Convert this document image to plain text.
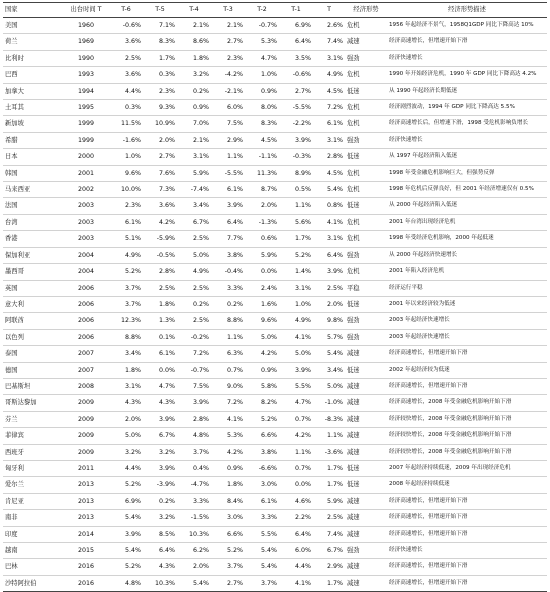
国家	出台时间 T	T-6	T-5	T-4	T-3	T-2	T-1	T	经济形势	经济形势描述
美国	1960	-0.6%	7.1%	2.1%	2.1%	-0.7%	6.9%	2.6%	危机	1956 年起经济不景气，1958Q1GDP 同比下降高达 10%
荷兰	1969	3.6%	8.3%	8.6%	2.7%	5.3%	6.4%	7.4%	减速	经济高速增长，但增速开始下滑
比利时	1990	2.5%	1.7%	1.8%	2.3%	4.7%	3.5%	3.1%	强劲	经济快速增长
巴西	1993	3.6%	0.3%	3.2%	-4.2%	1.0%	-0.6%	4.9%	危机	1990 年开始经济危机，1990 年 GDP 同比下降高达 4.2%
加拿大	1994	4.4%	2.3%	0.2%	-2.1%	0.9%	2.7%	4.5%	低迷	从 1990 年起经济长期低迷
土耳其	1995	0.3%	9.3%	0.9%	6.0%	8.0%	-5.5%	7.2%	危机	经济剧烈波动，1994 年 GDP 同比下降高达 5.5%
新加坡	1999	11.5%	10.9%	7.0%	7.5%	8.3%	-2.2%	6.1%	危机	经济高速增长后，但增速下滑，1998 受危机影响负增长
希腊	1999	-1.6%	2.0%	2.1%	2.9%	4.5%	3.9%	3.1%	强劲	经济快速增长
日本	2000	1.0%	2.7%	3.1%	1.1%	-1.1%	-0.3%	2.8%	低迷	从 1997 年起经济陷入低迷
韩国	2001	9.6%	7.6%	5.9%	-5.5%	11.3%	8.9%	4.5%	危机	1998 年受金融危机影响巨大，但强势反弹
马来西亚	2002	10.0%	7.3%	-7.4%	6.1%	8.7%	0.5%	5.4%	危机	1998 年危机后反弹良好，但 2001 年经济增速仅有 0.5%
法国	2003	2.3%	3.6%	3.4%	3.9%	2.0%	1.1%	0.8%	低迷	从 2000 年起经济陷入低迷
台湾	2003	6.1%	4.2%	6.7%	6.4%	-1.3%	5.6%	4.1%	危机	2001 年台湾出现经济危机
香港	2003	5.1%	-5.9%	2.5%	7.7%	0.6%	1.7%	3.1%	危机	1998 年受经济危机影响，2000 年起低迷
保加利亚	2004	4.9%	-0.5%	5.0%	3.8%	5.9%	5.2%	6.4%	强劲	从 2000 年起经济快速增长
墨西哥	2004	5.2%	2.8%	4.9%	-0.4%	0.0%	1.4%	3.9%	危机	2001 年陷入经济危机
英国	2006	3.7%	2.5%	2.5%	3.3%	2.4%	3.1%	2.5%	平稳	经济运行平稳
意大利	2006	3.7%	1.8%	0.2%	0.2%	1.6%	1.0%	2.0%	低迷	2001 年以来经济较为低迷
阿联酋	2006	12.3%	1.3%	2.5%	8.8%	9.6%	4.9%	9.8%	强劲	2003 年起经济快速增长
以色列	2006	8.8%	0.1%	-0.2%	1.1%	5.0%	4.1%	5.7%	强劲	2003 年起经济快速增长
泰国	2007	3.4%	6.1%	7.2%	6.3%	4.2%	5.0%	5.4%	减速	经济高速增长，但增速开始下滑
德国	2007	1.8%	0.0%	-0.7%	0.7%	0.9%	3.9%	3.4%	低迷	2002 年起经济较为低迷
巴基斯坦	2008	3.1%	4.7%	7.5%	9.0%	5.8%	5.5%	5.0%	减速	经济高速增长，但增速开始下滑
哥斯达黎加	2009	4.3%	4.3%	3.9%	7.2%	8.2%	4.7%	-1.0%	减速	经济高速增长，2008 年受金融危机影响开始下滑
芬兰	2009	2.0%	3.9%	2.8%	4.1%	5.2%	0.7%	-8.3%	减速	经济较快增长，2008 年受金融危机影响开始下滑
菲律宾	2009	5.0%	6.7%	4.8%	5.3%	6.6%	4.2%	1.1%	减速	经济较快增长，2008 年受金融危机影响开始下滑
西班牙	2009	3.2%	3.2%	3.7%	4.2%	3.8%	1.1%	-3.6%	减速	经济较快增长，2008 年受金融危机影响开始下滑
匈牙利	2011	4.4%	3.9%	0.4%	0.9%	-6.6%	0.7%	1.7%	低迷	2007 年起经济持续低迷，2009 年出现经济危机
爱尔兰	2013	5.2%	-3.9%	-4.7%	1.8%	3.0%	0.0%	1.7%	低迷	2008 年起经济持续低迷
肯尼亚	2013	6.9%	0.2%	3.3%	8.4%	6.1%	4.6%	5.9%	减速	经济高速增长，但增速开始下滑
南非	2013	5.4%	3.2%	-1.5%	3.0%	3.3%	2.2%	2.5%	减速	经济高速增长，但增速开始下滑
印度	2014	3.9%	8.5%	10.3%	6.6%	5.5%	6.4%	7.4%	减速	经济高速增长，但增速开始下滑
越南	2015	5.4%	6.4%	6.2%	5.2%	5.4%	6.0%	6.7%	强劲	经济快速增长
巴林	2016	5.2%	4.3%	2.0%	3.7%	5.4%	4.4%	2.9%	减速	经济高速增长，但增速开始下滑
沙特阿拉伯	2016	4.8%	10.3%	5.4%	2.7%	3.7%	4.1%	1.7%	减速	经济高速增长，但增速开始下滑
